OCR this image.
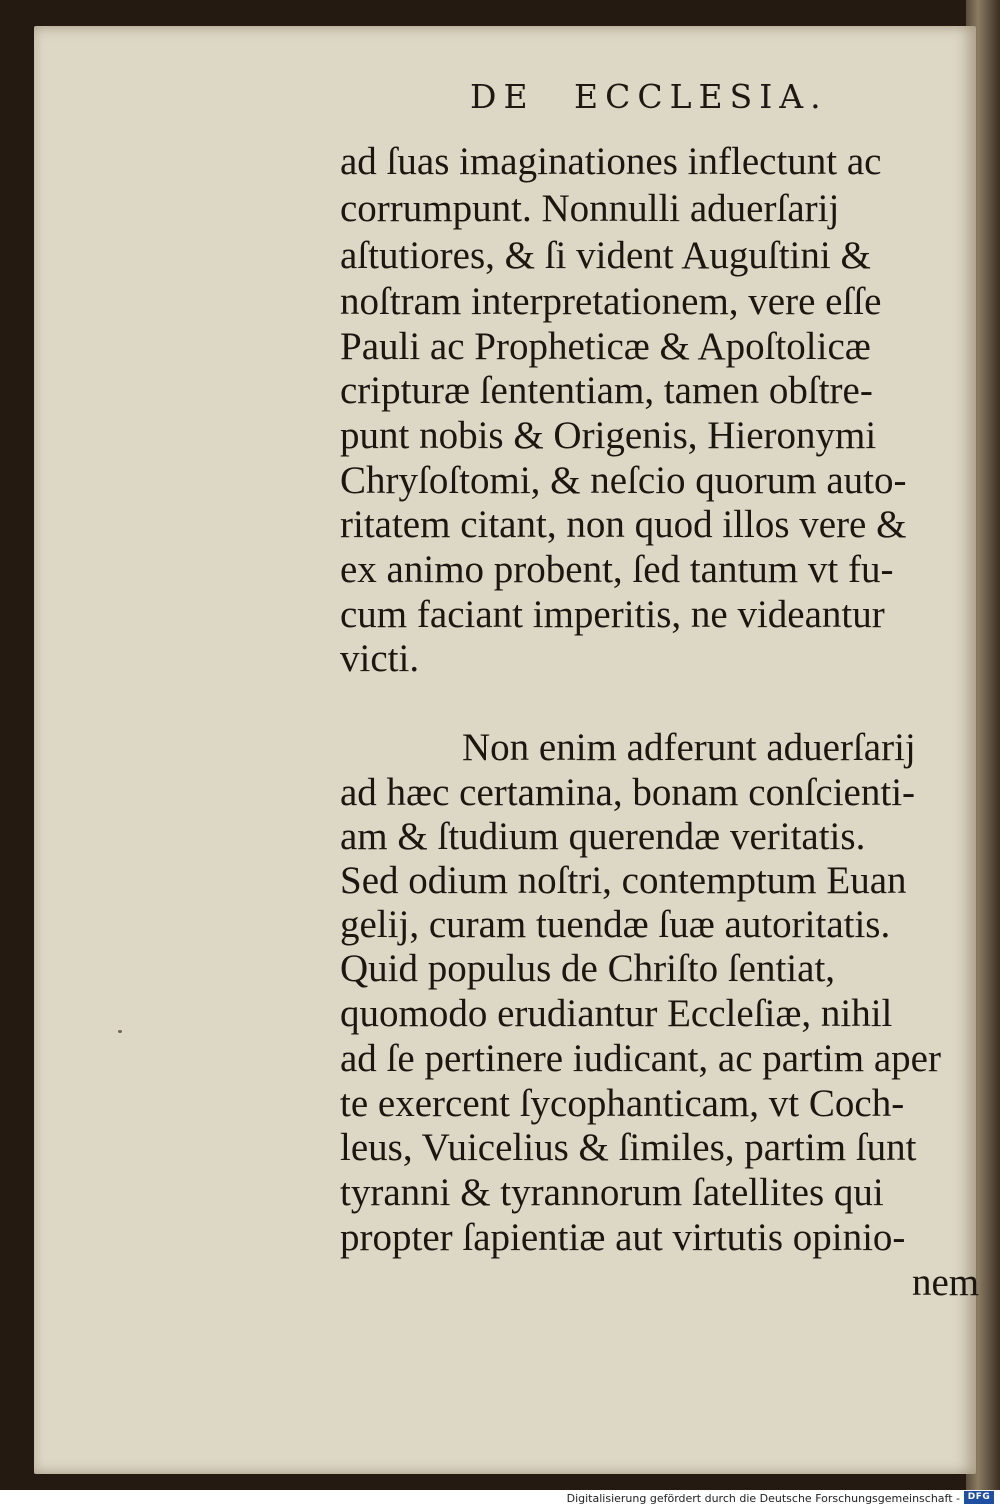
DE ECCLESIA.
ad ſuas imaginationes inflectunt ac
corrumpunt. Nonnulli aduerſarij
aſtutiores, & ſi vident Auguſtini &
noſtram interpretationem, vere eſſe
Pauli ac Propheticæ & Apoſtolicæ
cripturæ ſententiam, tamen obſtre-
punt nobis & Origenis, Hieronymi
Chryſoſtomi, & neſcio quorum auto-
ritatem citant, non quod illos vere &
ex animo probent, ſed tantum vt fu-
cum faciant imperitis, ne videantur
victi.
Non enim adferunt aduerſarij
ad hæc certamina, bonam conſcienti-
am & ſtudium querendæ veritatis.
Sed odium noſtri, contemptum Euan
gelij, curam tuendæ ſuæ autoritatis.
Quid populus de Chriſto ſentiat,
quomodo erudiantur Eccleſiæ, nihil
ad ſe pertinere iudicant, ac partim aper
te exercent ſycophanticam, vt Coch-
leus, Vuicelius & ſimiles, partim ſunt
tyranni & tyrannorum ſatellites qui
propter ſapientiæ aut virtutis opinio-
nem
Digitalisierung gefördert durch die Deutsche Forschungsgemeinschaft - DFG
